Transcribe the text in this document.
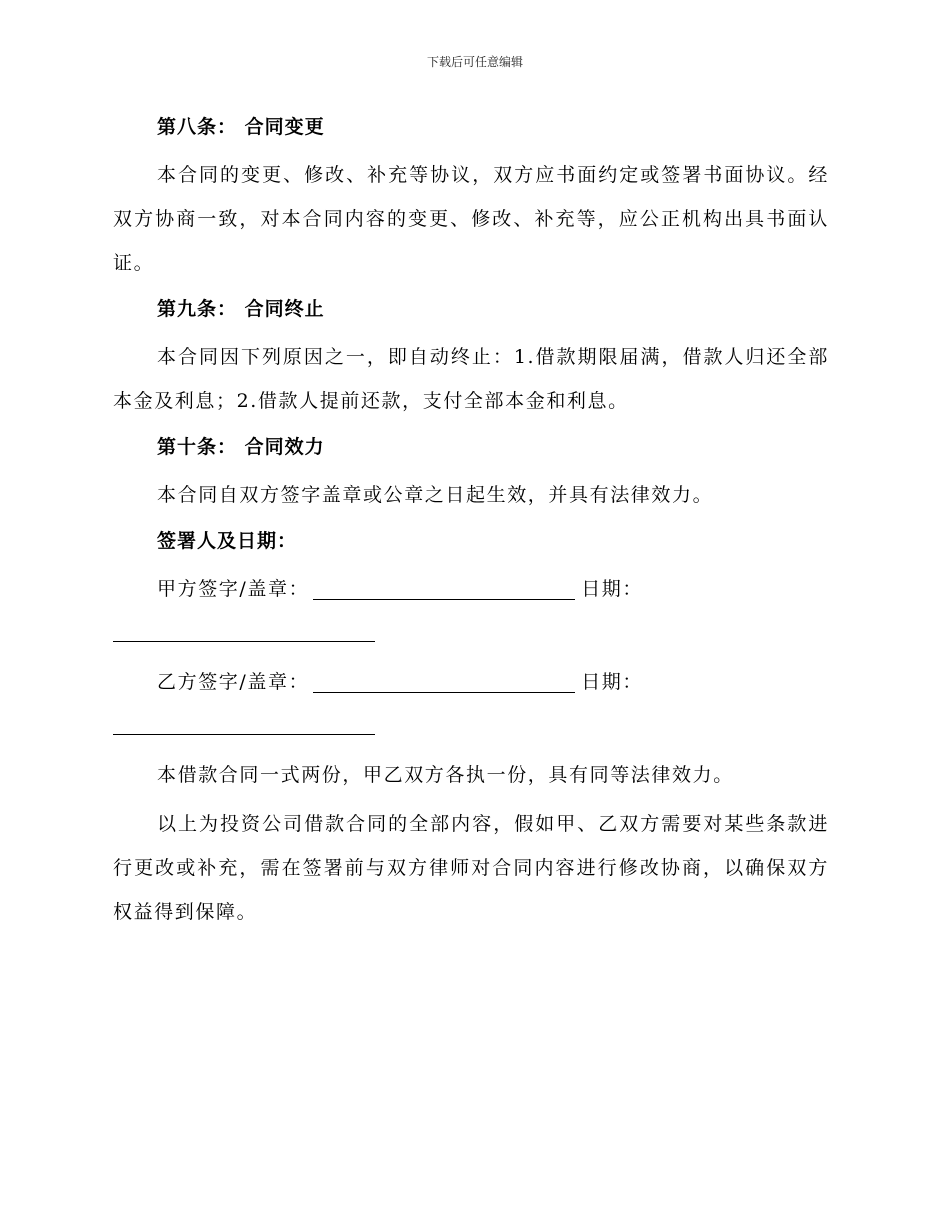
下载后可任意编辑
第八条： 合同变更

本合同的变更、修改、补充等协议，双方应书面约定或签署书面协议。经双方协商一致，对本合同内容的变更、修改、补充等，应公正机构出具书面认证。

第九条： 合同终止

本合同因下列原因之一，即自动终止：1.借款期限届满，借款人归还全部本金及利息；2.借款人提前还款，支付全部本金和利息。

第十条： 合同效力

本合同自双方签字盖章或公章之日起生效，并具有法律效力。

签署人及日期：
甲方签字/盖章：	日期：
乙方签字/盖章：	日期：

本借款合同一式两份，甲乙双方各执一份，具有同等法律效力。

以上为投资公司借款合同的全部内容，假如甲、乙双方需要对某些条款进行更改或补充，需在签署前与双方律师对合同内容进行修改协商，以确保双方权益得到保障。
